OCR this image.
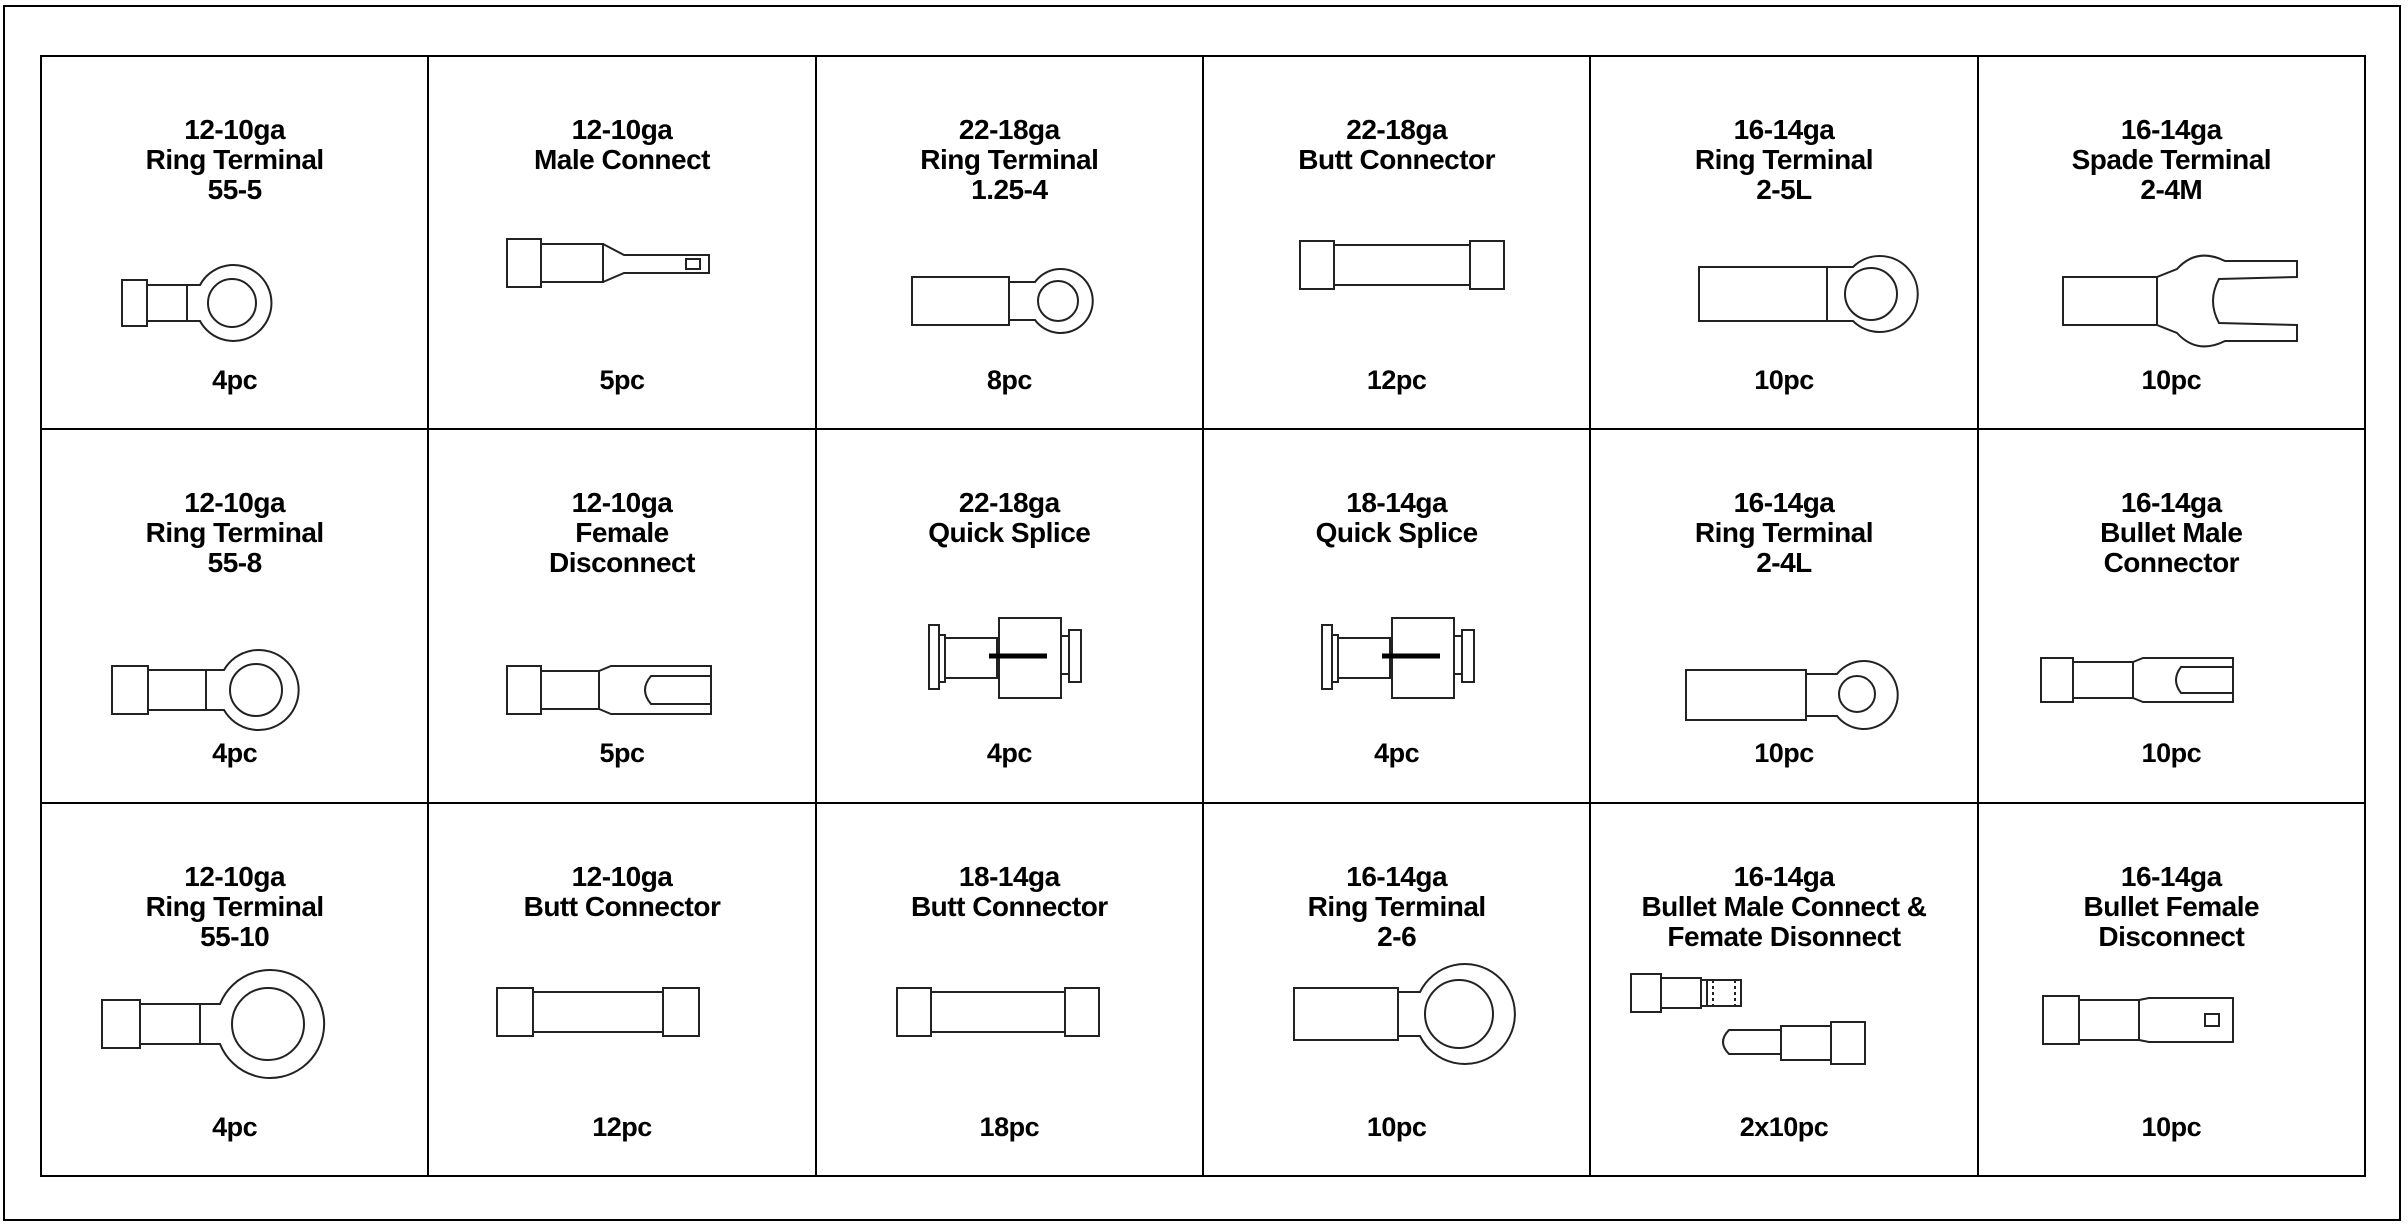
12-10ga
Ring Terminal
55-5
4pc
12-10ga
Male Connect
5pc
22-18ga
Ring Terminal
1.25-4
8pc
22-18ga
Butt Connector
12pc
16-14ga
Ring Terminal
2-5L
10pc
16-14ga
Spade Terminal
2-4M
10pc
12-10ga
Ring Terminal
55-8
4pc
12-10ga
Female
Disconnect
5pc
22-18ga
Quick Splice
4pc
18-14ga
Quick Splice
4pc
16-14ga
Ring Terminal
2-4L
10pc
16-14ga
Bullet Male
Connector
10pc
12-10ga
Ring Terminal
55-10
4pc
12-10ga
Butt Connector
12pc
18-14ga
Butt Connector
18pc
16-14ga
Ring Terminal
2-6
10pc
16-14ga
Bullet Male Connect &
Femate Disonnect
2x10pc
16-14ga
Bullet Female
Disconnect
10pc
